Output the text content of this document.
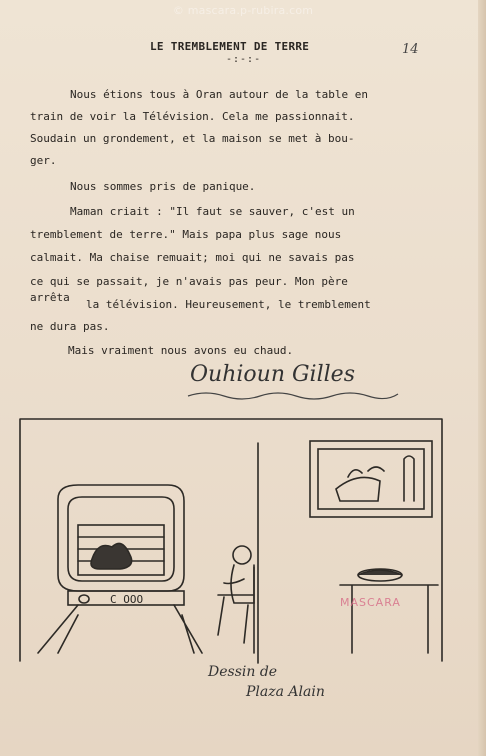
© mascara.p-rubira.com
LE TREMBLEMENT DE TERRE
-:-:-
14
Nous étions tous à Oran autour de la table en
train de voir la Télévision. Cela me passionnait.
Soudain un grondement, et la maison se met à bou-
ger.
Nous sommes pris de panique.
Maman criait : "Il faut se sauver, c'est un
tremblement de terre." Mais papa plus sage nous
calmait. Ma chaise remuait; moi qui ne savais pas
ce qui se passait, je n'avais pas peur. Mon père
arrêta
la télévision. Heureusement, le tremblement
ne dura pas.
Mais vraiment nous avons eu chaud.
Ouhioun Gilles
C OOO	MASCARA
Dessin de
Plaza Alain
